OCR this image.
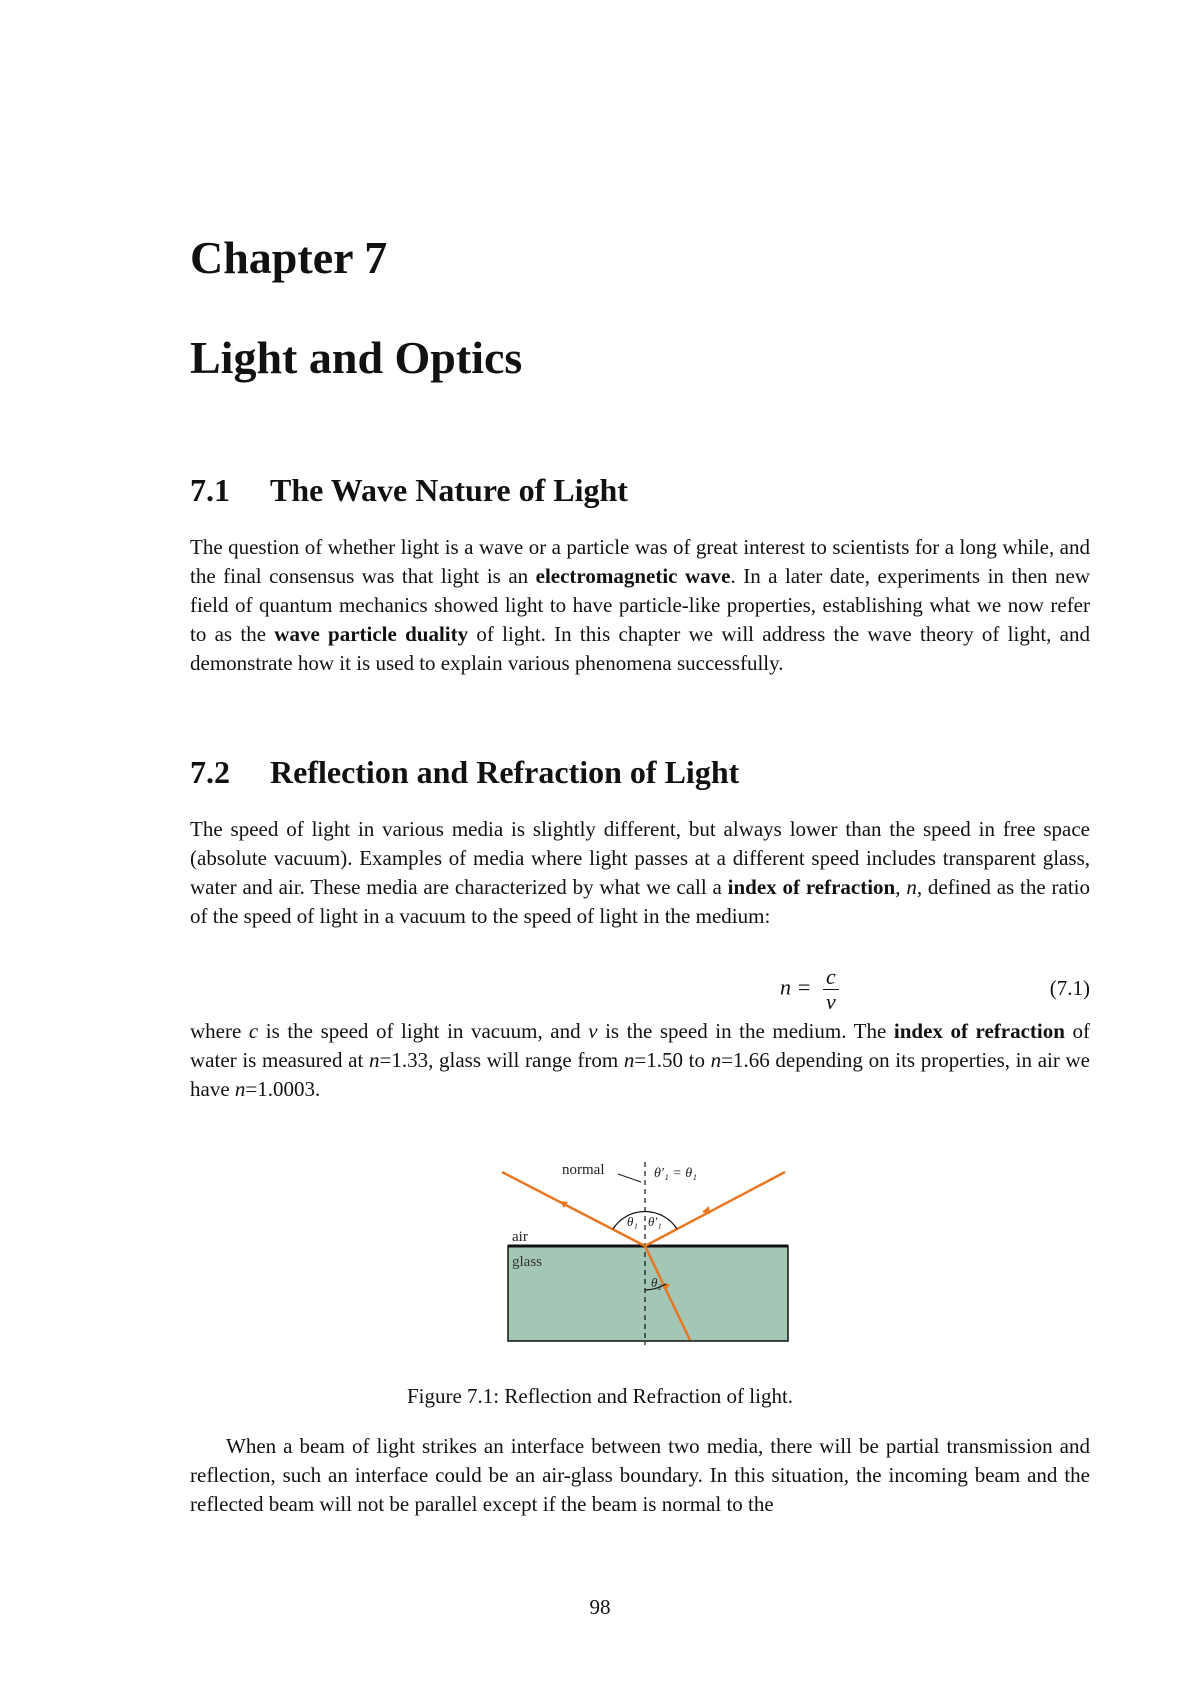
Chapter 7
Light and Optics
7.1 The Wave Nature of Light

The question of whether light is a wave or a particle was of great interest to scientists for a long while, and the final consensus was that light is an electromagnetic wave. In a later date, experiments in then new field of quantum mechanics showed light to have particle-like properties, establishing what we now refer to as the wave particle duality of light. In this chapter we will address the wave theory of light, and demonstrate how it is used to explain various phenomena successfully.

7.2 Reflection and Refraction of Light

The speed of light in various media is slightly different, but always lower than the speed in free space (absolute vacuum). Examples of media where light passes at a different speed includes transparent glass, water and air. These media are characterized by what we call a index of refraction, n, defined as the ratio of the speed of light in a vacuum to the speed of light in the medium:

$n = \frac{c}{v}$	(7.1)

where c is the speed of light in vacuum, and v is the speed in the medium. The index of refraction of water is measured at n=1.33, glass will range from n=1.50 to n=1.66 depending on its properties, in air we have n=1.0003.

normal	θ′₁ = θ₁
θ₁ θ′₁
air
glass
θ₂

Figure 7.1: Reflection and Refraction of light.

When a beam of light strikes an interface between two media, there will be partial transmission and reflection, such an interface could be an air-glass boundary. In this situation, the incoming beam and the reflected beam will not be parallel except if the beam is normal to the

98
